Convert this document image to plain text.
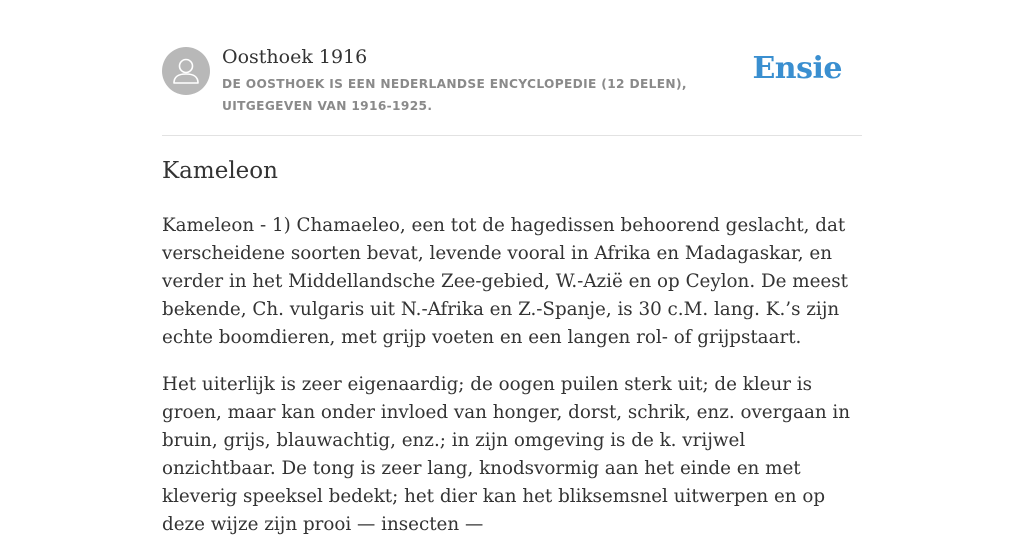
Oosthoek 1916
DE OOSTHOEK IS EEN NEDERLANDSE ENCYCLOPEDIE (12 DELEN), UITGEGEVEN VAN 1916-1925.
Ensie
Kameleon

Kameleon - 1) Chamaeleo, een tot de hagedissen behoorend geslacht, dat verscheidene soorten bevat, levende vooral in Afrika en Madagaskar, en verder in het Middellandsche Zee-gebied, W.-Azië en op Ceylon. De meest bekende, Ch. vulgaris uit N.-Afrika en Z.-Spanje, is 30 c.M. lang. K.’s zijn echte boomdieren, met grijp voeten en een langen rol- of grijpstaart.

Het uiterlijk is zeer eigenaardig; de oogen puilen sterk uit; de kleur is groen, maar kan onder invloed van honger, dorst, schrik, enz. overgaan in bruin, grijs, blauwachtig, enz.; in zijn omgeving is de k. vrijwel onzichtbaar. De tong is zeer lang, knodsvormig aan het einde en met kleverig speeksel bedekt; het dier kan het bliksemsnel uitwerpen en op deze wijze zijn prooi — insecten —
